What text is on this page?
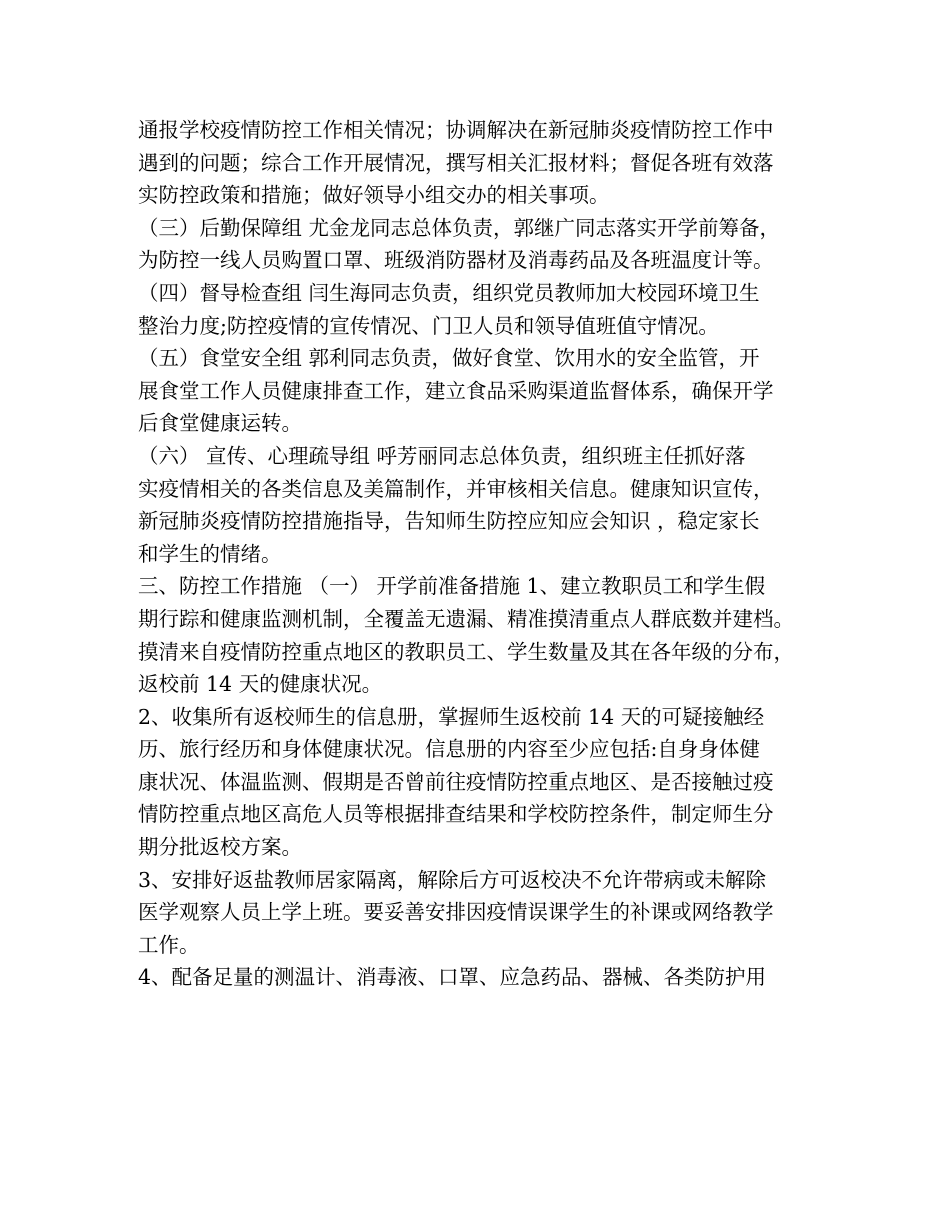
通报学校疫情防控工作相关情况；协调解决在新冠肺炎疫情防控工作中
遇到的问题；综合工作开展情况，撰写相关汇报材料；督促各班有效落
实防控政策和措施；做好领导小组交办的相关事项。
（三）后勤保障组 尤金龙同志总体负责，郭继广同志落实开学前筹备，
为防控一线人员购置口罩、班级消防器材及消毒药品及各班温度计等。
（四）督导检查组 闫生海同志负责，组织党员教师加大校园环境卫生
整治力度;防控疫情的宣传情况、门卫人员和领导值班值守情况。
（五）食堂安全组 郭利同志负责，做好食堂、饮用水的安全监管，开
展食堂工作人员健康排查工作，建立食品采购渠道监督体系，确保开学
后食堂健康运转。
（六） 宣传、心理疏导组 呼芳丽同志总体负责，组织班主任抓好落
实疫情相关的各类信息及美篇制作，并审核相关信息。健康知识宣传，
新冠肺炎疫情防控措施指导，告知师生防控应知应会知识 ，稳定家长
和学生的情绪。
三、防控工作措施 （一） 开学前准备措施 1、建立教职员工和学生假
期行踪和健康监测机制，全覆盖无遗漏、精准摸清重点人群底数并建档。
摸清来自疫情防控重点地区的教职员工、学生数量及其在各年级的分布，
返校前 14 天的健康状况。
2、收集所有返校师生的信息册，掌握师生返校前 14 天的可疑接触经
历、旅行经历和身体健康状况。信息册的内容至少应包括:自身身体健
康状况、体温监测、假期是否曾前往疫情防控重点地区、是否接触过疫
情防控重点地区高危人员等根据排查结果和学校防控条件，制定师生分
期分批返校方案。
3、安排好返盐教师居家隔离，解除后方可返校决不允许带病或未解除
医学观察人员上学上班。要妥善安排因疫情误课学生的补课或网络教学
工作。
4、配备足量的测温计、消毒液、口罩、应急药品、器械、各类防护用
